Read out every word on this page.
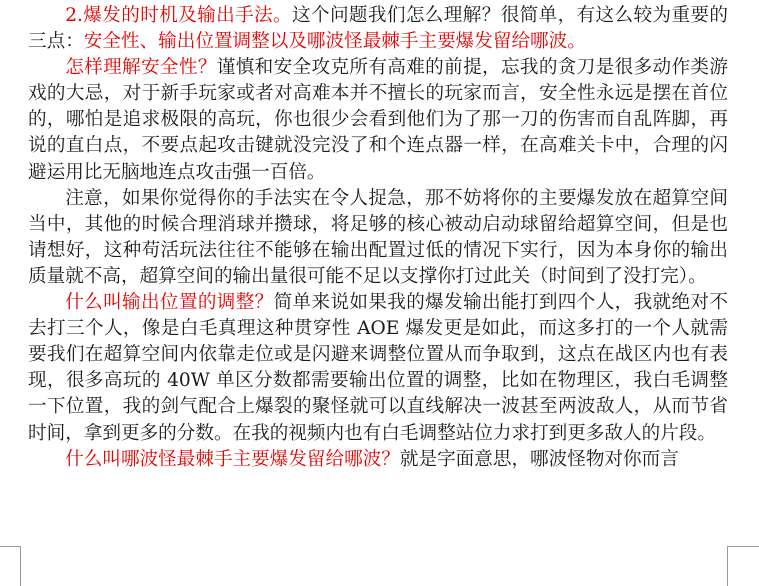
2.爆发的时机及输出手法。这个问题我们怎么理解？很简单，有这么较为重要的三点：安全性、输出位置调整以及哪波怪最棘手主要爆发留给哪波。

怎样理解安全性？谨慎和安全攻克所有高难的前提，忘我的贪刀是很多动作类游戏的大忌，对于新手玩家或者对高难本并不擅长的玩家而言，安全性永远是摆在首位的，哪怕是追求极限的高玩，你也很少会看到他们为了那一刀的伤害而自乱阵脚，再说的直白点，不要点起攻击键就没完没了和个连点器一样，在高难关卡中，合理的闪避运用比无脑地连点攻击强一百倍。

注意，如果你觉得你的手法实在令人捉急，那不妨将你的主要爆发放在超算空间当中，其他的时候合理消球并攒球，将足够的核心被动启动球留给超算空间，但是也请想好，这种苟活玩法往往不能够在输出配置过低的情况下实行，因为本身你的输出质量就不高，超算空间的输出量很可能不足以支撑你打过此关（时间到了没打完）。

什么叫输出位置的调整？简单来说如果我的爆发输出能打到四个人，我就绝对不去打三个人，像是白毛真理这种贯穿性 AOE 爆发更是如此，而这多打的一个人就需要我们在超算空间内依靠走位或是闪避来调整位置从而争取到，这点在战区内也有表现，很多高玩的 40W 单区分数都需要输出位置的调整，比如在物理区，我白毛调整一下位置，我的剑气配合上爆裂的聚怪就可以直线解决一波甚至两波敌人，从而节省时间，拿到更多的分数。在我的视频内也有白毛调整站位力求打到更多敌人的片段。

什么叫哪波怪最棘手主要爆发留给哪波？就是字面意思，哪波怪物对你而言
